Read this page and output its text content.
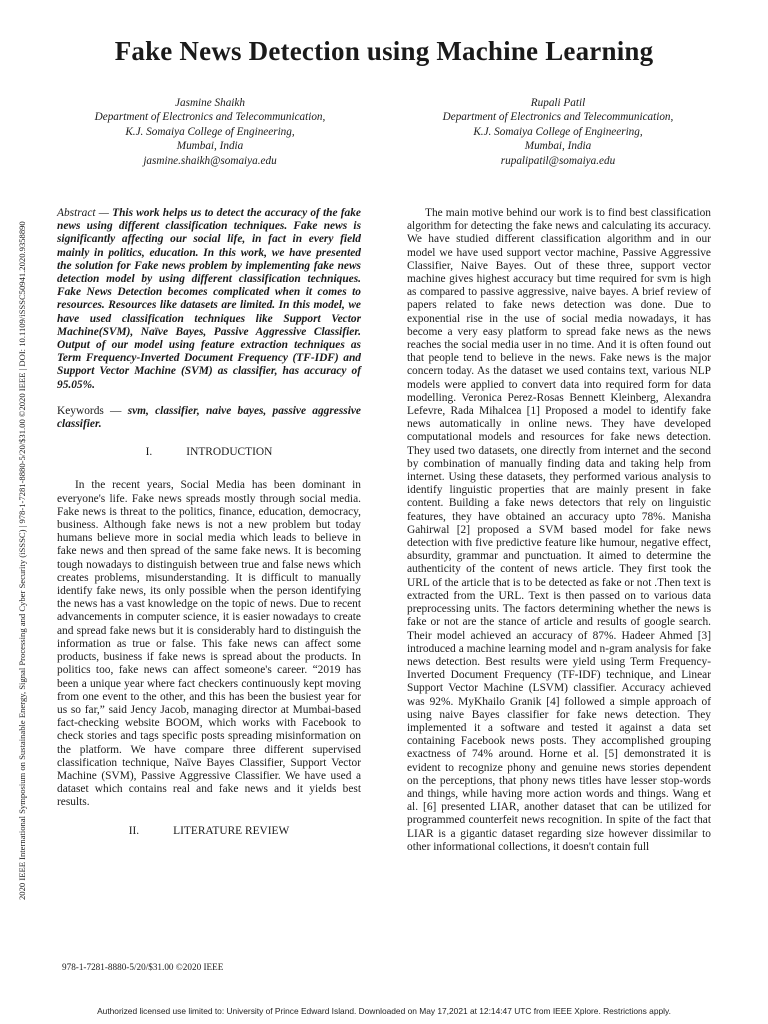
Fake News Detection using Machine Learning
Jasmine Shaikh
Department of Electronics and Telecommunication,
K.J. Somaiya College of Engineering,
Mumbai, India
jasmine.shaikh@somaiya.edu
Rupali Patil
Department of Electronics and Telecommunication,
K.J. Somaiya College of Engineering,
Mumbai, India
rupalipatil@somaiya.edu
2020 IEEE International Symposium on Sustainable Energy, Signal Processing and Cyber Security (iSSSC) | 978-1-7281-8880-5/20/$31.00 ©2020 IEEE | DOI: 10.1109/iSSSC50941.2020.9358890

Abstract — This work helps us to detect the accuracy of the fake news using different classification techniques. Fake news is significantly affecting our social life, in fact in every field mainly in politics, education. In this work, we have presented the solution for Fake news problem by implementing fake news detection model by using different classification techniques. Fake News Detection becomes complicated when it comes to resources. Resources like datasets are limited. In this model, we have used classification techniques like Support Vector Machine(SVM), Naïve Bayes, Passive Aggressive Classifier. Output of our model using feature extraction techniques as Term Frequency-Inverted Document Frequency (TF-IDF) and Support Vector Machine (SVM) as classifier, has accuracy of 95.05%.

Keywords — svm, classifier, naive bayes, passive aggressive classifier.

I.	INTRODUCTION

In the recent years, Social Media has been dominant in everyone's life. Fake news spreads mostly through social media. Fake news is threat to the politics, finance, education, democracy, business. Although fake news is not a new problem but today humans believe more in social media which leads to believe in fake news and then spread of the same fake news. It is becoming tough nowadays to distinguish between true and false news which creates problems, misunderstanding. It is difficult to manually identify fake news, its only possible when the person identifying the news has a vast knowledge on the topic of news. Due to recent advancements in computer science, it is easier nowadays to create and spread fake news but it is considerably hard to distinguish the information as true or false. This fake news can affect some products, business if fake news is spread about the products. In politics too, fake news can affect someone's career. “2019 has been a unique year where fact checkers continuously kept moving from one event to the other, and this has been the busiest year for us so far,” said Jency Jacob, managing director at Mumbai-based fact-checking website BOOM, which works with Facebook to check stories and tags specific posts spreading misinformation on the platform. We have compare three different supervised classification technique, Naïve Bayes Classifier, Support Vector Machine (SVM), Passive Aggressive Classifier. We have used a dataset which contains real and fake news and it yields best results.

II.	LITERATURE REVIEW

The main motive behind our work is to find best classification algorithm for detecting the fake news and calculating its accuracy. We have studied different classification algorithm and in our model we have used support vector machine, Passive Aggressive Classifier, Naive Bayes. Out of these three, support vector machine gives highest accuracy but time required for svm is high as compared to passive aggressive, naive bayes. A brief review of papers related to fake news detection was done. Due to exponential rise in the use of social media nowadays, it has become a very easy platform to spread fake news as the news reaches the social media user in no time. And it is often found out that people tend to believe in the news. Fake news is the major concern today. As the dataset we used contains text, various NLP models were applied to convert data into required form for data modelling. Veronica Perez-Rosas Bennett Kleinberg, Alexandra Lefevre, Rada Mihalcea [1] Proposed a model to identify fake news automatically in online news. They have developed computational models and resources for fake news detection. They used two datasets, one directly from internet and the second by combination of manually finding data and taking help from internet. Using these datasets, they performed various analysis to identify linguistic properties that are mainly present in fake content. Building a fake news detectors that rely on linguistic features, they have obtained an accuracy upto 78%. Manisha Gahirwal [2] proposed a SVM based model for fake news detection with five predictive feature like humour, negative effect, absurdity, grammar and punctuation. It aimed to determine the authenticity of the content of news article. They first took the URL of the article that is to be detected as fake or not .Then text is extracted from the URL. Text is then passed on to various data preprocessing units. The factors determining whether the news is fake or not are the stance of article and results of google search. Their model achieved an accuracy of 87%. Hadeer Ahmed [3] introduced a machine learning model and n-gram analysis for fake news detection. Best results were yield using Term Frequency-Inverted Document Frequency (TF-IDF) technique, and Linear Support Vector Machine (LSVM) classifier. Accuracy achieved was 92%. MyKhailo Granik [4] followed a simple approach of using naive Bayes classifier for fake news detection. They implemented it a software and tested it against a data set containing Facebook news posts. They accomplished grouping exactness of 74% around. Horne et al. [5] demonstrated it is evident to recognize phony and genuine news stories dependent on the perceptions, that phony news titles have lesser stop-words and things, while having more action words and things. Wang et al. [6] presented LIAR, another dataset that can be utilized for programmed counterfeit news recognition. In spite of the fact that LIAR is a gigantic dataset regarding size however dissimilar to other informational collections, it doesn't contain full

978-1-7281-8880-5/20/$31.00 ©2020 IEEE
Authorized licensed use limited to: University of Prince Edward Island. Downloaded on May 17,2021 at 12:14:47 UTC from IEEE Xplore. Restrictions apply.
